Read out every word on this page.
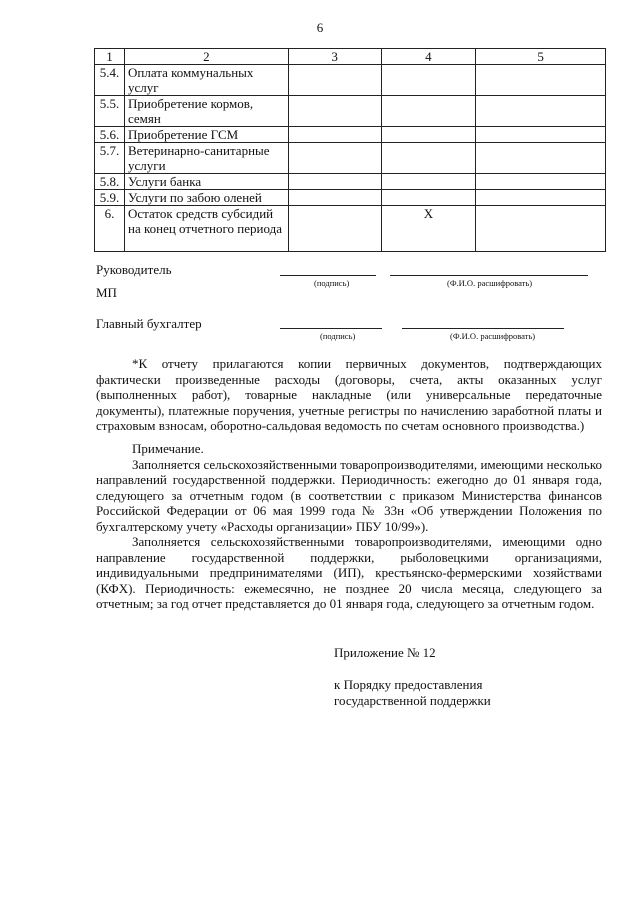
6
1	2	3	4	5
5.4.	Оплата коммунальных услуг			
5.5.	Приобретение кормов, семян			
5.6.	Приобретение ГСМ			
5.7.	Ветеринарно-санитарные услуги			
5.8.	Услуги банка			
5.9.	Услуги по забою оленей			
6.	Остаток средств субсидий на конец отчетного периода		X	
Руководитель
(подпись)	(Ф.И.О. расшифровать)
МП
Главный бухгалтер
(подпись)	(Ф.И.О. расшифровать)

*К отчету прилагаются копии первичных документов, подтверждающих фактически произведенные расходы (договоры, счета, акты оказанных услуг (выполненных работ), товарные накладные (или универсальные передаточные документы), платежные поручения, учетные регистры по начислению заработной платы и страховым взносам, оборотно-сальдовая ведомость по счетам основного производства.)

Примечание.

Заполняется сельскохозяйственными товаропроизводителями, имеющими несколько направлений государственной поддержки. Периодичность: ежегодно до 01 января года, следующего за отчетным годом (в соответствии с приказом Министерства финансов Российской Федерации от 06 мая 1999 года № 33н «Об утверждении Положения по бухгалтерскому учету «Расходы организации» ПБУ 10/99»).

Заполняется сельскохозяйственными товаропроизводителями, имеющими одно направление государственной поддержки, рыболовецкими организациями, индивидуальными предпринимателями (ИП), крестьянско-фермерскими хозяйствами (КФХ). Периодичность: ежемесячно, не позднее 20 числа месяца, следующего за отчетным; за год отчет представляется до 01 января года, следующего за отчетным годом.

Приложение № 12
к Порядку предоставления
государственной поддержки
